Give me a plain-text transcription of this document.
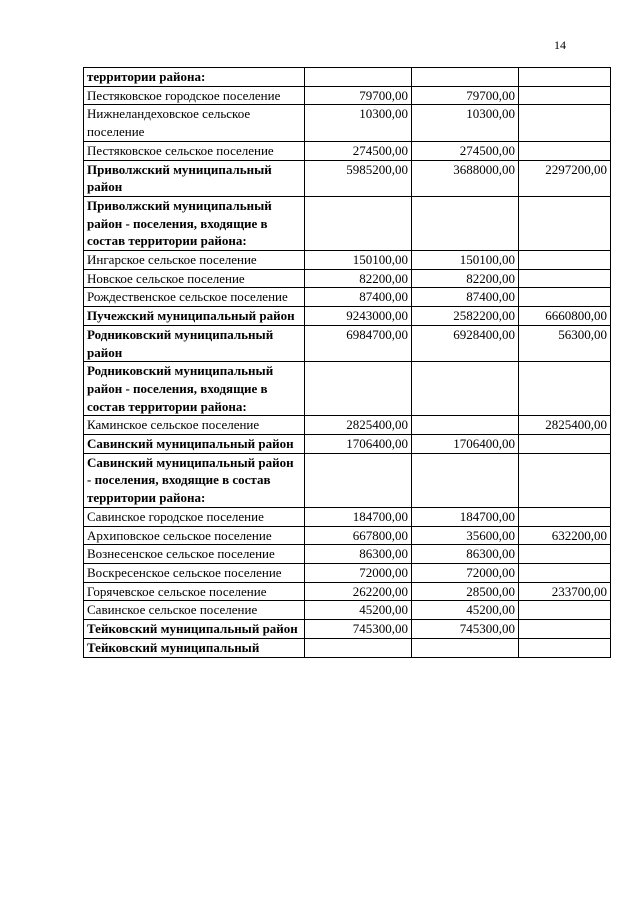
14
территории района:			
Пестяковское городское поселение	79700,00	79700,00	
Нижнеландеховское сельское поселение	10300,00	10300,00	
Пестяковское сельское поселение	274500,00	274500,00	
Приволжский муниципальный район	5985200,00	3688000,00	2297200,00
Приволжский муниципальный район - поселения, входящие в состав территории района:			
Ингарское сельское поселение	150100,00	150100,00	
Новское сельское поселение	82200,00	82200,00	
Рождественское сельское поселение	87400,00	87400,00	
Пучежский муниципальный район	9243000,00	2582200,00	6660800,00
Родниковский муниципальный район	6984700,00	6928400,00	56300,00
Родниковский муниципальный район - поселения, входящие в состав территории района:			
Каминское сельское поселение	2825400,00		2825400,00
Савинский муниципальный район	1706400,00	1706400,00	
Савинский муниципальный район - поселения, входящие в состав территории района:			
Савинское городское поселение	184700,00	184700,00	
Архиповское сельское поселение	667800,00	35600,00	632200,00
Вознесенское сельское поселение	86300,00	86300,00	
Воскресенское сельское поселение	72000,00	72000,00	
Горячевское сельское поселение	262200,00	28500,00	233700,00
Савинское сельское поселение	45200,00	45200,00	
Тейковский муниципальный район	745300,00	745300,00	
Тейковский муниципальный			
